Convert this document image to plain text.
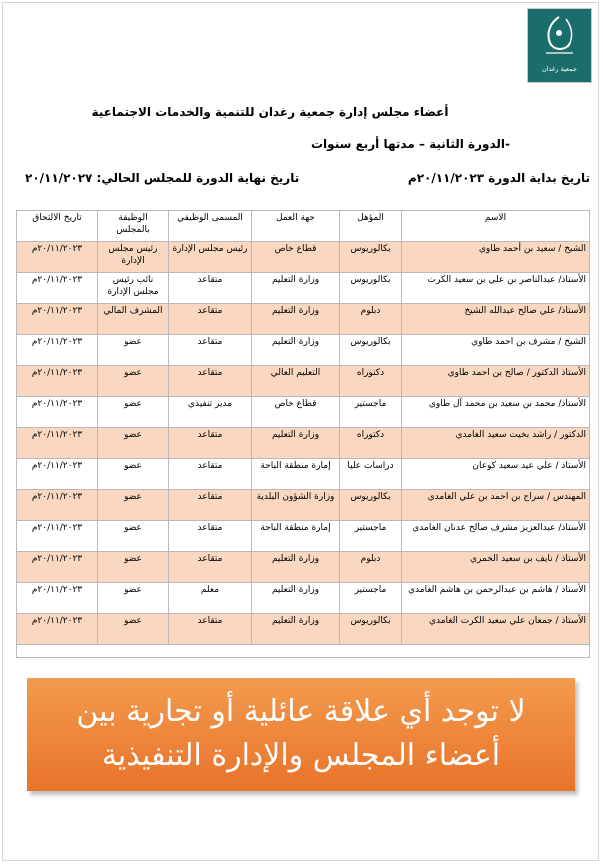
جمعية رغدان
أعضاء مجلس إدارة جمعية رغدان للتنمية والخدمات الاجتماعية
-الدورة الثانية – مدتها أربع سنوات
تاريخ بداية الدورة ٢٠/١١/٢٠٢٣م
تاريخ نهاية الدورة للمجلس الحالي: ٢٠/١١/٢٠٢٧
الاسم	المؤهل	جهة العمل	المسمى الوظيفي	الوظيفة بالمجلس	تاريخ الالتحاق
الشيخ / سعيد بن أحمد طاوي	بكالوريوس	قطاع خاص	رئيس مجلس الإدارة	رئيس مجلس الإدارة	٢٠/١١/٢٠٢٣م
الأستاذ/ عبدالناصر بن علي بن سعيد الكرت	بكالوريوس	وزارة التعليم	متقاعد	نائب رئيس مجلس الإدارة	٢٠/١١/٢٠٢٣م
الأستاذ/ علي صالح عبدالله الشيخ	دبلوم	وزارة التعليم	متقاعد	المشرف المالي	٢٠/١١/٢٠٢٣م
الشيخ / مشرف بن احمد طاوي	بكالوريوس	وزارة التعليم	متقاعد	عضو	٢٠/١١/٢٠٢٣م
الأستاذ الدكتور / صالح بن احمد طاوي	دكتوراه	التعليم العالي	متقاعد	عضو	٢٠/١١/٢٠٢٣م
الأستاذ/ محمد بن سعيد بن محمد آل طاوي	ماجستير	قطاع خاص	مدير تنفيذي	عضو	٢٠/١١/٢٠٢٣م
الدكتور / راشد بخيت سعيد الغامدي	دكتوراه	وزارة التعليم	متقاعد	عضو	٢٠/١١/٢٠٢٣م
الأستاذ / علي عيد سعيد كوعان	دراسات عليا	إمارة منطقة الباحة	متقاعد	عضو	٢٠/١١/٢٠٢٣م
المهندس / سراج بن احمد بن علي الغامدي	بكالوريوس	وزارة الشؤون البلدية	متقاعد	عضو	٢٠/١١/٢٠٢٣م
الأستاذ/ عبدالعزيز مشرف صالح عدنان الغامدي	ماجستير	إمارة منطقة الباحة	متقاعد	عضو	٢٠/١١/٢٠٢٣م
الأستاذ / نايف بن سعيد الخمري	دبلوم	وزارة التعليم	متقاعد	عضو	٢٠/١١/٢٠٢٣م
الأستاذ / هاشم بن عبدالرحمن بن هاشم الغامدي	ماجستير	وزارة التعليم	معلم	عضو	٢٠/١١/٢٠٢٣م
الأستاذ / جمعان علي سعيد الكرت الغامدي	بكالوريوس	وزارة التعليم	متقاعد	عضو	٢٠/١١/٢٠٢٣م
لا توجد أي علاقة عائلية أو تجارية بين
أعضاء المجلس والإدارة التنفيذية
